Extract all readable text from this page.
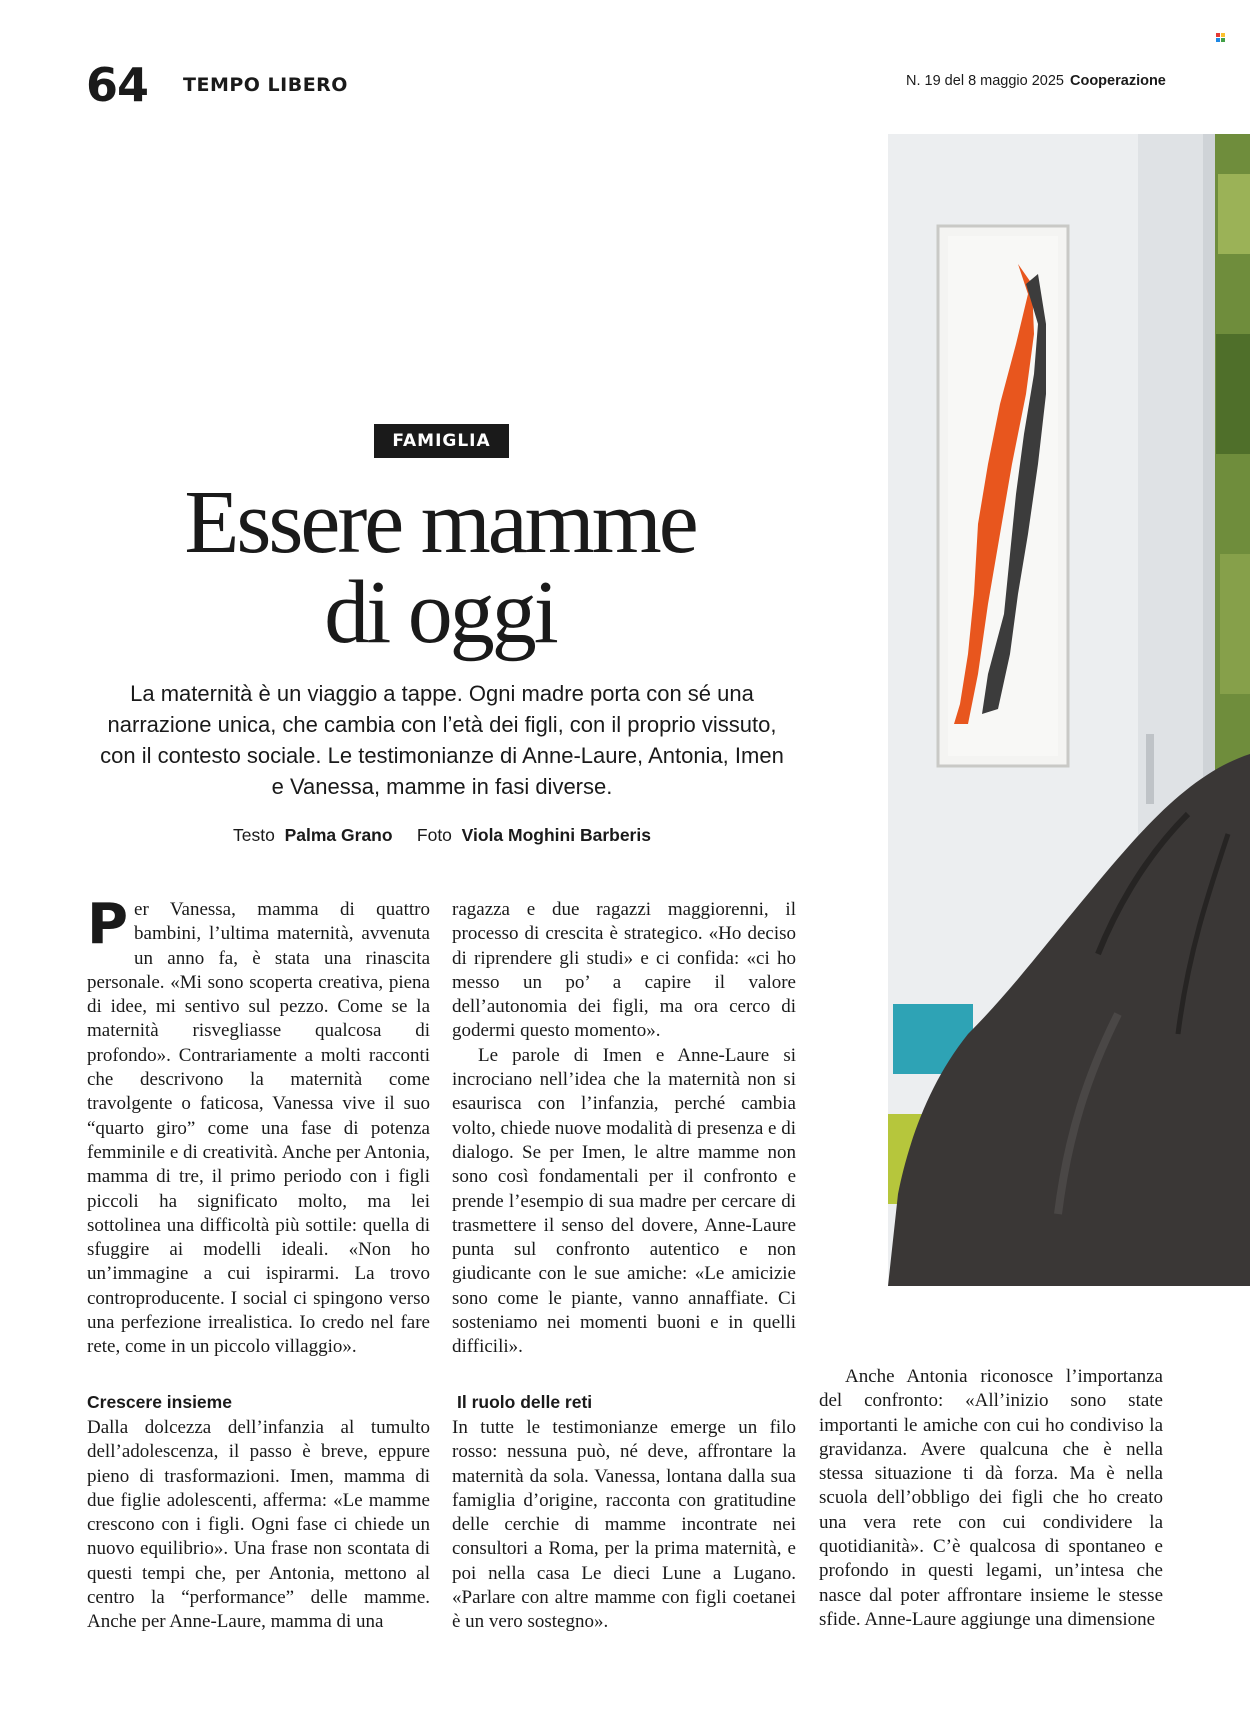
64 TEMPO LIBERO	N. 19 del 8 maggio 2025 Cooperazione
FAMIGLIA
Essere mamme
di oggi

La maternità è un viaggio a tappe. Ogni madre porta con sé una narrazione unica, che cambia con l’età dei figli, con il proprio vissuto, con il contesto sociale. Le testimonianze di Anne-Laure, Antonia, Imen e Vanessa, mamme in fasi diverse.

Testo Palma Grano Foto Viola Moghini Barberis

Per Vanessa, mamma di quattro bambini, l’ultima maternità, avvenuta un anno fa, è stata una rinascita personale. «Mi sono scoperta creativa, piena di idee, mi sentivo sul pezzo. Come se la maternità risvegliasse qualcosa di profondo». Contrariamente a molti racconti che descrivono la maternità come travolgente o faticosa, Vanessa vive il suo “quarto giro” come una fase di potenza femminile e di creatività. Anche per Antonia, mamma di tre, il primo periodo con i figli piccoli ha significato molto, ma lei sottolinea una difficoltà più sottile: quella di sfuggire ai modelli ideali. «Non ho un’immagine a cui ispirarmi. La trovo controproducente. I social ci spingono verso una perfezione irrealistica. Io credo nel fare rete, come in un piccolo villaggio».

ragazza e due ragazzi maggiorenni, il processo di crescita è strategico. «Ho deciso di riprendere gli studi» e ci confida: «ci ho messo un po’ a capire il valore dell’autonomia dei figli, ma ora cerco di godermi questo momento».

Le parole di Imen e Anne-Laure si incrociano nell’idea che la maternità non si esaurisca con l’infanzia, perché cambia volto, chiede nuove modalità di presenza e di dialogo. Se per Imen, le altre mamme non sono così fondamentali per il confronto e prende l’esempio di sua madre per cercare di trasmettere il senso del dovere, Anne-Laure punta sul confronto autentico e non giudicante con le sue amiche: «Le amicizie sono come le piante, vanno annaffiate. Ci sosteniamo nei momenti buoni e in quelli difficili».

Crescere insieme	Il ruolo delle reti

Dalla dolcezza dell’infanzia al tumulto dell’adolescenza, il passo è breve, eppure pieno di trasformazioni. Imen, mamma di due figlie adolescenti, afferma: «Le mamme crescono con i figli. Ogni fase ci chiede un nuovo equilibrio». Una frase non scontata di questi tempi che, per Antonia, mettono al centro la “performance” delle mamme. Anche per Anne-Laure, mamma di una

In tutte le testimonianze emerge un filo rosso: nessuna può, né deve, affrontare la maternità da sola. Vanessa, lontana dalla sua famiglia d’origine, racconta con gratitudine delle cerchie di mamme incontrate nei consultori a Roma, per la prima maternità, e poi nella casa Le dieci Lune a Lugano. «Parlare con altre mamme con figli coetanei è un vero sostegno».

Anche Antonia riconosce l’importanza del confronto: «All’inizio sono state importanti le amiche con cui ho condiviso la gravidanza. Avere qualcuna che è nella stessa situazione ti dà forza. Ma è nella scuola dell’obbligo dei figli che ho creato una vera rete con cui condividere la quotidianità». C’è qualcosa di spontaneo e profondo in questi legami, un’intesa che nasce dal poter affrontare insieme le stesse sfide. Anne-Laure aggiunge una dimensione
